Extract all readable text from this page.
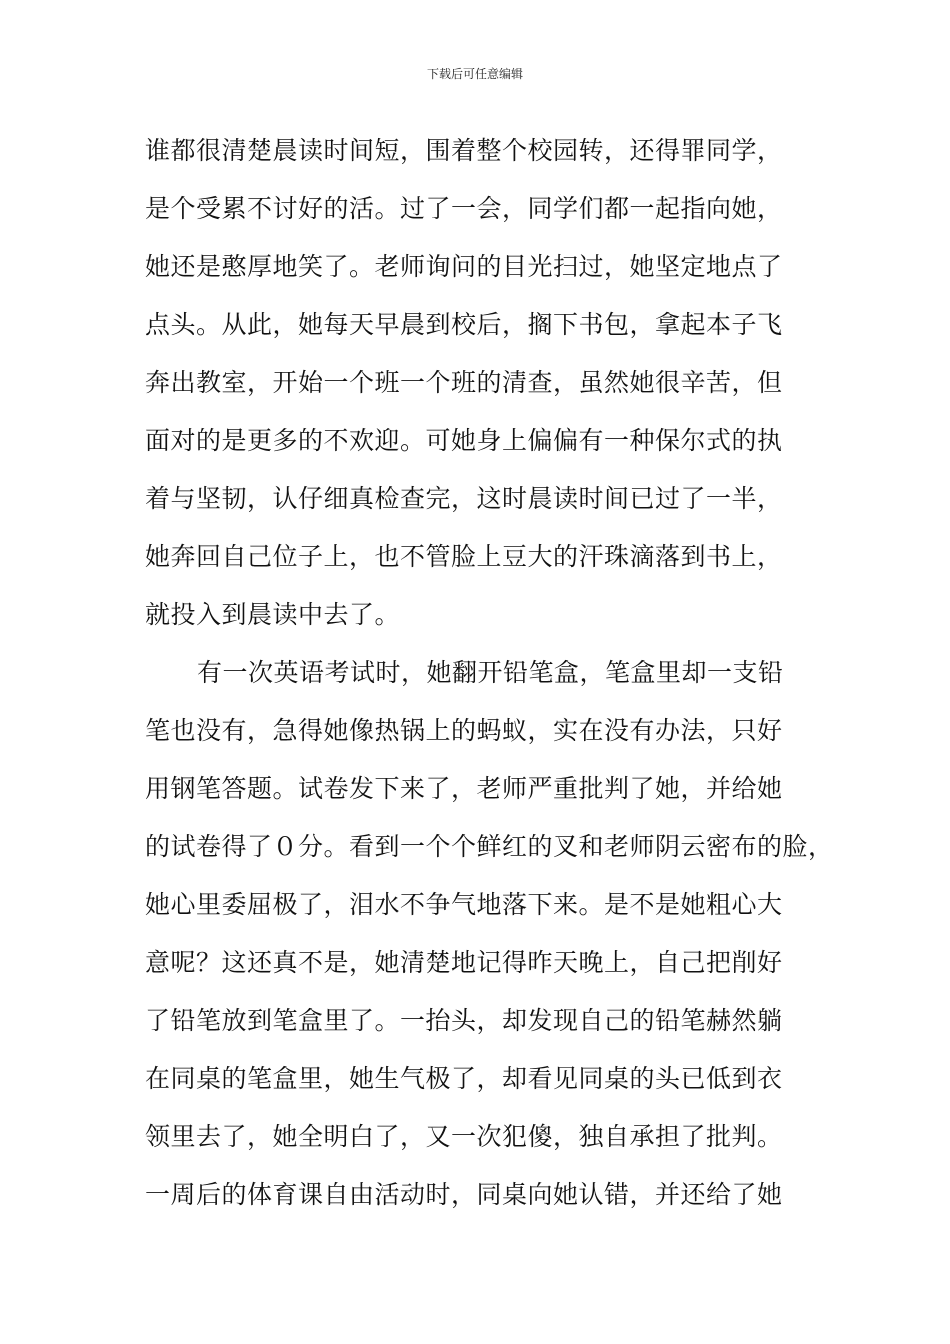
下载后可任意编辑
谁都很清楚晨读时间短，围着整个校园转，还得罪同学，
是个受累不讨好的活。过了一会，同学们都一起指向她，
她还是憨厚地笑了。老师询问的目光扫过，她坚定地点了
点头。从此，她每天早晨到校后，搁下书包，拿起本子飞
奔出教室，开始一个班一个班的清查，虽然她很辛苦，但
面对的是更多的不欢迎。可她身上偏偏有一种保尔式的执
着与坚韧，认仔细真检查完，这时晨读时间已过了一半，
她奔回自己位子上，也不管脸上豆大的汗珠滴落到书上，
就投入到晨读中去了。
有一次英语考试时，她翻开铅笔盒，笔盒里却一支铅
笔也没有，急得她像热锅上的蚂蚁，实在没有办法，只好
用钢笔答题。试卷发下来了，老师严重批判了她，并给她
的试卷得了０分。看到一个个鲜红的叉和老师阴云密布的脸，
她心里委屈极了，泪水不争气地落下来。是不是她粗心大
意呢？这还真不是，她清楚地记得昨天晚上，自己把削好
了铅笔放到笔盒里了。一抬头，却发现自己的铅笔赫然躺
在同桌的笔盒里，她生气极了，却看见同桌的头已低到衣
领里去了，她全明白了，又一次犯傻，独自承担了批判。
一周后的体育课自由活动时，同桌向她认错，并还给了她
